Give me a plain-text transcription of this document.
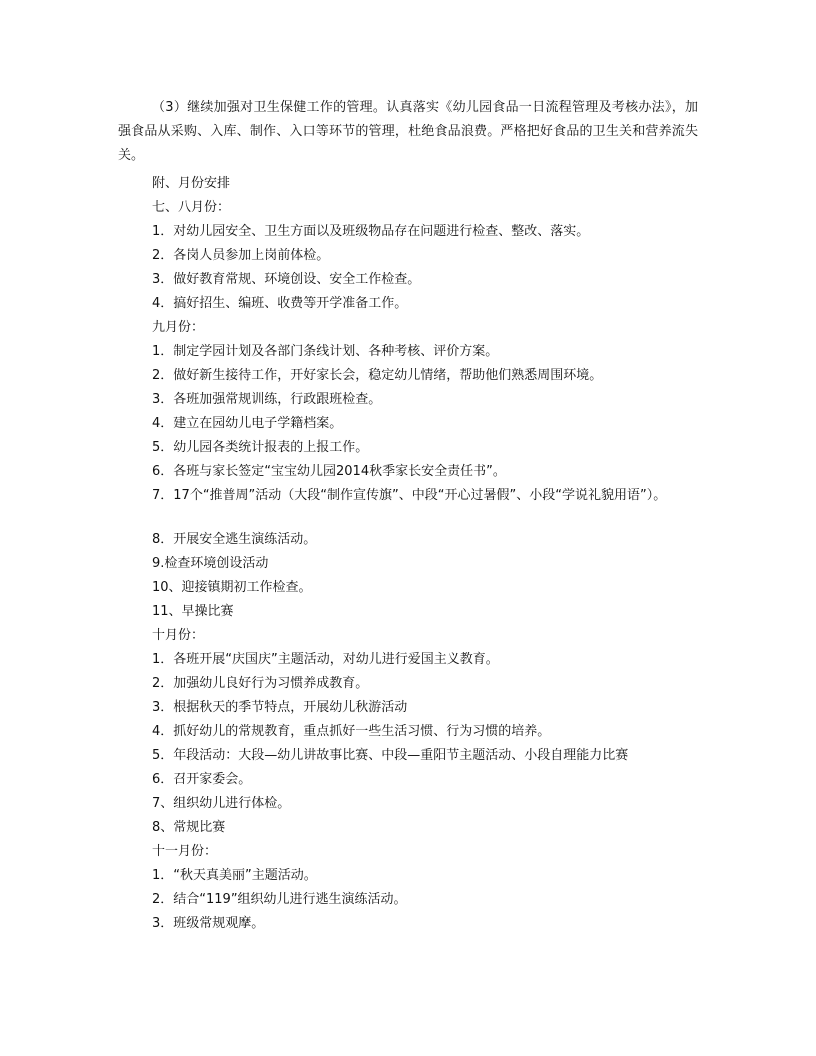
（3）继续加强对卫生保健工作的管理。认真落实《幼儿园食品一日流程管理及考核办法》，加强食品从采购、入库、制作、入口等环节的管理，杜绝食品浪费。严格把好食品的卫生关和营养流失关。

附、月份安排

七、八月份：

1．对幼儿园安全、卫生方面以及班级物品存在问题进行检查、整改、落实。

2．各岗人员参加上岗前体检。

3．做好教育常规、环境创设、安全工作检查。

4．搞好招生、编班、收费等开学准备工作。

九月份：

1．制定学园计划及各部门条线计划、各种考核、评价方案。

2．做好新生接待工作，开好家长会，稳定幼儿情绪，帮助他们熟悉周围环境。

3．各班加强常规训练，行政跟班检查。

4．建立在园幼儿电子学籍档案。

5．幼儿园各类统计报表的上报工作。

6．各班与家长签定“宝宝幼儿园2014秋季家长安全责任书”。

7．17个“推普周”活动（大段“制作宣传旗”、中段“开心过暑假”、小段“学说礼貌用语”）。

8．开展安全逃生演练活动。

9.检查环境创设活动

10、迎接镇期初工作检查。

11、早操比赛

十月份：

1．各班开展“庆国庆”主题活动，对幼儿进行爱国主义教育。

2．加强幼儿良好行为习惯养成教育。

3．根据秋天的季节特点，开展幼儿秋游活动

4．抓好幼儿的常规教育，重点抓好一些生活习惯、行为习惯的培养。

5．年段活动：大段—幼儿讲故事比赛、中段—重阳节主题活动、小段自理能力比赛

6．召开家委会。

7、组织幼儿进行体检。

8、常规比赛

十一月份：

1．“秋天真美丽”主题活动。

2．结合“119”组织幼儿进行逃生演练活动。

3．班级常规观摩。
